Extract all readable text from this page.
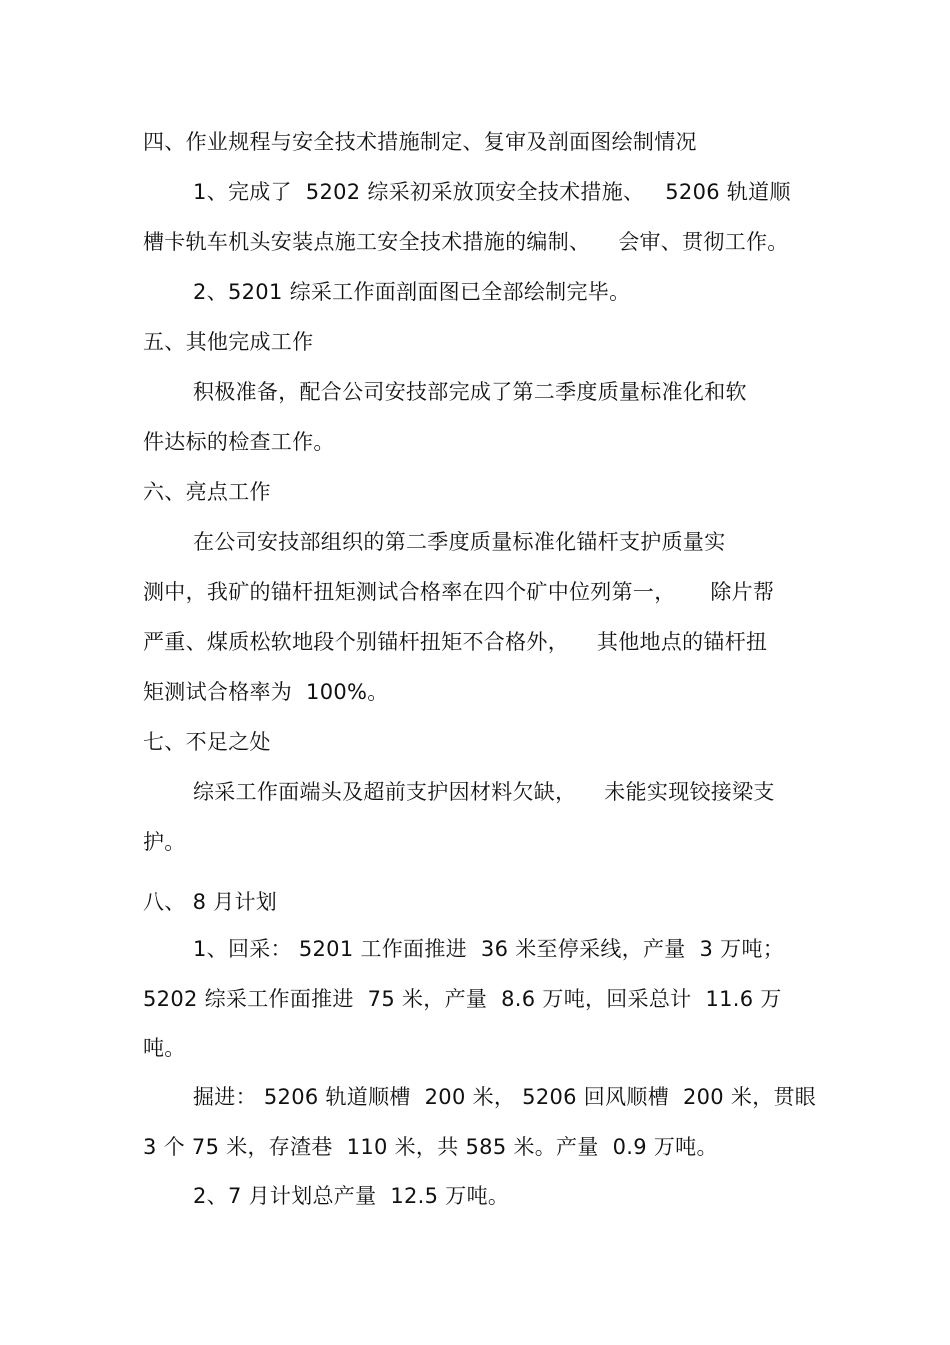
四、作业规程与安全技术措施制定、复审及剖面图绘制情况
1、完成了  5202 综采初采放顶安全技术措施、   5206 轨道顺
槽卡轨车机头安装点施工安全技术措施的编制、    会审、贯彻工作。
2、5201 综采工作面剖面图已全部绘制完毕。
五、其他完成工作
积极准备，配合公司安技部完成了第二季度质量标准化和软
件达标的检查工作。
六、亮点工作
在公司安技部组织的第二季度质量标准化锚杆支护质量实
测中，我矿的锚杆扭矩测试合格率在四个矿中位列第一，     除片帮
严重、煤质松软地段个别锚杆扭矩不合格外，    其他地点的锚杆扭
矩测试合格率为  100%。
七、不足之处
综采工作面端头及超前支护因材料欠缺，    未能实现铰接梁支
护。
八、 8 月计划
1、回采： 5201 工作面推进  36 米至停采线，产量  3 万吨；
5202 综采工作面推进  75 米，产量  8.6 万吨，回采总计  11.6 万
吨。
掘进： 5206 轨道顺槽  200 米， 5206 回风顺槽  200 米，贯眼
3 个 75 米，存渣巷  110 米，共 585 米。产量  0.9 万吨。
2、7 月计划总产量  12.5 万吨。
